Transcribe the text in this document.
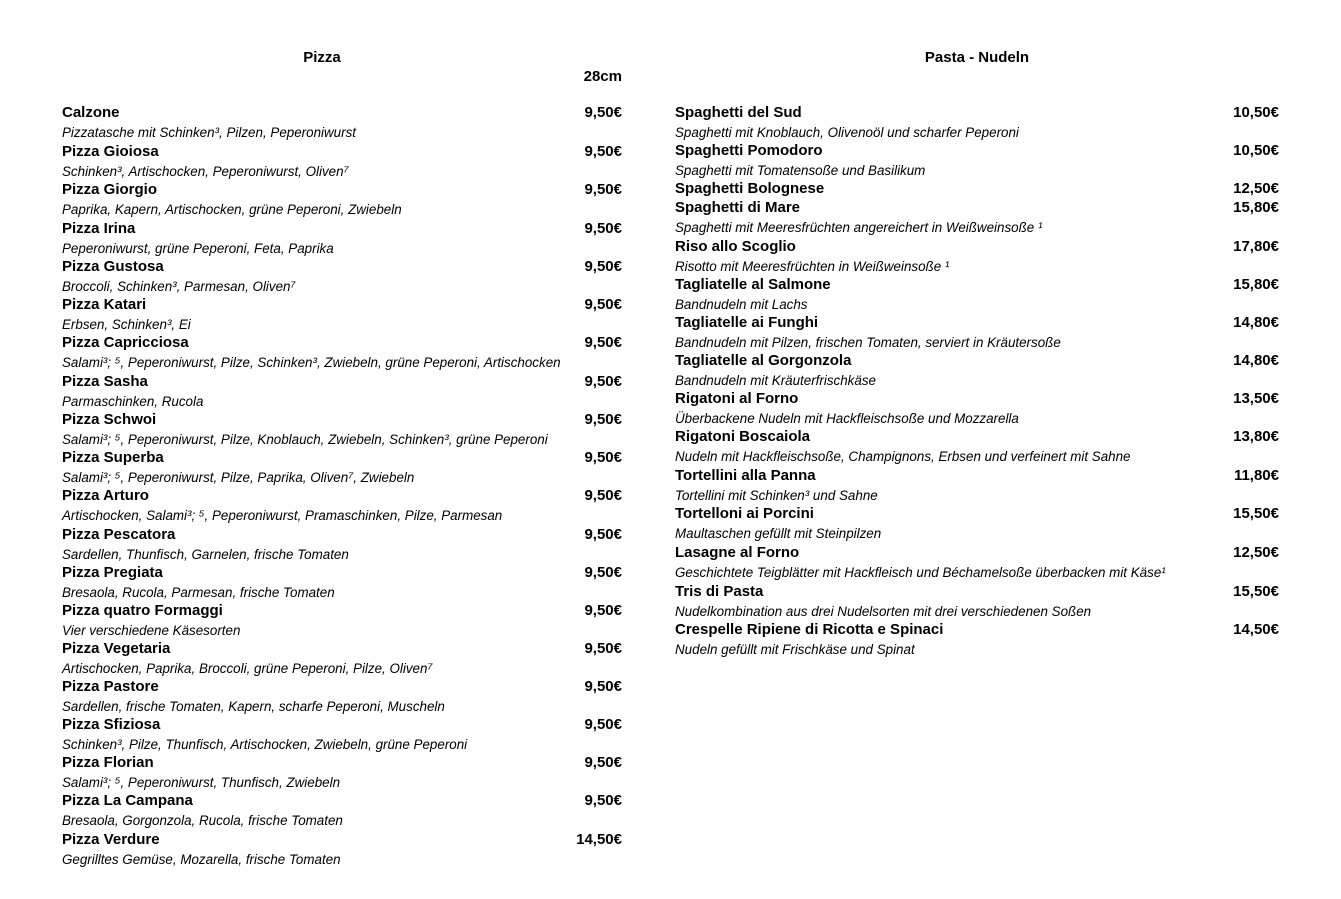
Pizza
28cm
Calzone	9,50€
Pizzatasche mit Schinken³, Pilzen, Peperoniwurst
Pizza Gioiosa	9,50€
Schinken³, Artischocken, Peperoniwurst, Oliven⁷
Pizza Giorgio	9,50€
Paprika, Kapern, Artischocken, grüne Peperoni, Zwiebeln
Pizza Irina	9,50€
Peperoniwurst, grüne Peperoni, Feta, Paprika
Pizza Gustosa	9,50€
Broccoli, Schinken³, Parmesan, Oliven⁷
Pizza Katari	9,50€
Erbsen, Schinken³, Ei
Pizza Capricciosa	9,50€
Salami³; ⁵, Peperoniwurst, Pilze, Schinken³, Zwiebeln, grüne Peperoni, Artischocken
Pizza Sasha	9,50€
Parmaschinken, Rucola
Pizza Schwoi	9,50€
Salami³; ⁵, Peperoniwurst, Pilze, Knoblauch, Zwiebeln, Schinken³, grüne Peperoni
Pizza Superba	9,50€
Salami³; ⁵, Peperoniwurst, Pilze, Paprika, Oliven⁷, Zwiebeln
Pizza Arturo	9,50€
Artischocken, Salami³; ⁵, Peperoniwurst, Pramaschinken, Pilze, Parmesan
Pizza Pescatora	9,50€
Sardellen, Thunfisch, Garnelen, frische Tomaten
Pizza Pregiata	9,50€
Bresaola, Rucola, Parmesan, frische Tomaten
Pizza quatro Formaggi	9,50€
Vier verschiedene Käsesorten
Pizza Vegetaria	9,50€
Artischocken, Paprika, Broccoli, grüne Peperoni, Pilze, Oliven⁷
Pizza Pastore	9,50€
Sardellen, frische Tomaten, Kapern, scharfe Peperoni, Muscheln
Pizza Sfiziosa	9,50€
Schinken³, Pilze, Thunfisch, Artischocken, Zwiebeln, grüne Peperoni
Pizza Florian	9,50€
Salami³; ⁵, Peperoniwurst, Thunfisch, Zwiebeln
Pizza La Campana	9,50€
Bresaola, Gorgonzola, Rucola, frische Tomaten
Pizza Verdure	14,50€
Gegrilltes Gemüse, Mozarella, frische Tomaten
Pasta - Nudeln
Spaghetti del Sud	10,50€
Spaghetti mit Knoblauch, Olivenoöl und scharfer Peperoni
Spaghetti Pomodoro	10,50€
Spaghetti mit Tomatensoße und Basilikum
Spaghetti Bolognese	12,50€
Spaghetti di Mare	15,80€
Spaghetti mit Meeresfrüchten angereichert in Weißweinsoße ¹
Riso allo Scoglio	17,80€
Risotto mit Meeresfrüchten in Weißweinsoße ¹
Tagliatelle al Salmone	15,80€
Bandnudeln mit Lachs
Tagliatelle ai Funghi	14,80€
Bandnudeln mit Pilzen, frischen Tomaten, serviert in Kräutersoße
Tagliatelle al Gorgonzola	14,80€
Bandnudeln mit Kräuterfrischkäse
Rigatoni al Forno	13,50€
Überbackene Nudeln mit Hackfleischsoße und Mozzarella
Rigatoni Boscaiola	13,80€
Nudeln mit Hackfleischsoße, Champignons, Erbsen und verfeinert mit Sahne
Tortellini alla Panna	11,80€
Tortellini mit Schinken³ und Sahne
Tortelloni ai Porcini	15,50€
Maultaschen gefüllt mit Steinpilzen
Lasagne al Forno	12,50€
Geschichtete Teigblätter mit Hackfleisch und Béchamelsoße überbacken mit Käse¹
Tris di Pasta	15,50€
Nudelkombination aus drei Nudelsorten mit drei verschiedenen Soßen
Crespelle Ripiene di Ricotta e Spinaci	14,50€
Nudeln gefüllt mit Frischkäse und Spinat
